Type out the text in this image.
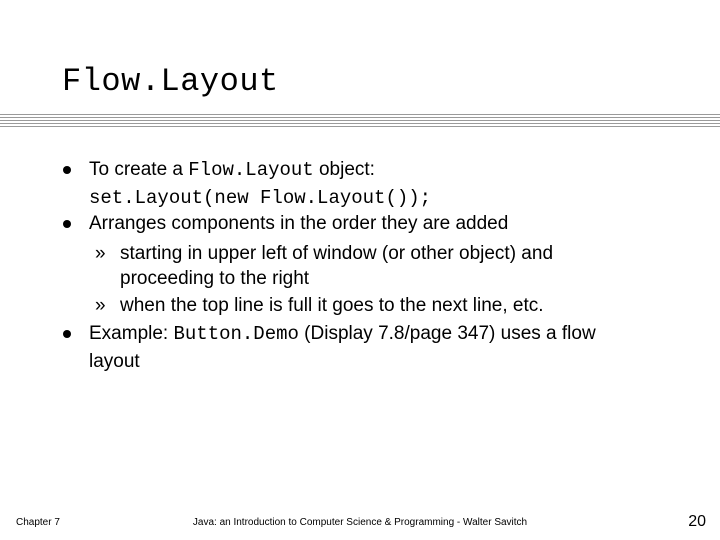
Flow.Layout
To create a Flow.Layout object:
set.Layout(new Flow.Layout());
Arranges components in the order they are added
» starting in upper left of window (or other object) and
proceeding to the right
» when the top line is full it goes to the next line, etc.
Example: Button.Demo (Display 7.8/page 347) uses a flow
layout
Chapter 7	Java: an Introduction to Computer Science & Programming - Walter Savitch	20
